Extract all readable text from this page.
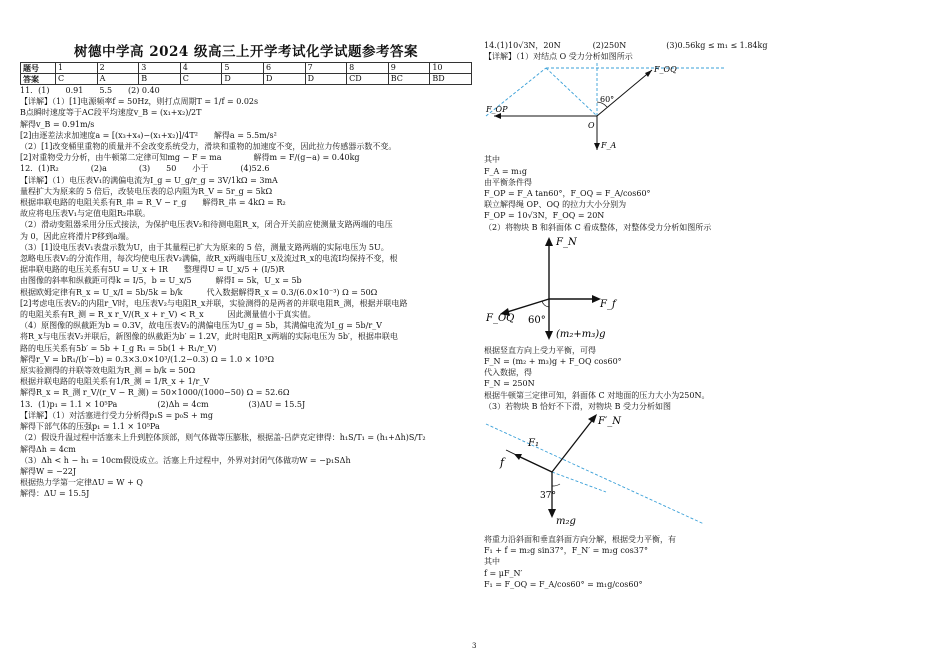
树德中学高 2024 级高三上开学考试化学试题参考答案
题号	1	2	3	4	5	6	7	8	9	10
答案	C	A	B	C	D	D	D	CD	BC	BD
11．(1)　　0.91　　5.5　　(2) 0.40
【详解】（1）[1]电源频率f = 50Hz，则打点周期T = 1/f = 0.02s
B点瞬时速度等于AC段平均速度v_B = (x₁+x₂)/2T
解得v_B = 0.91m/s
[2]由逐差法求加速度a = [(x₃+x₄)−(x₁+x₂)]/4T²　　解得a = 5.5m/s²
（2）[1]改变桶里重物的质量并不会改变系统受力，滑块和重物的加速度不变，因此拉力传感器示数不变。
[2]对重物受力分析，由牛顿第二定律可知mg − F = ma　　　　解得m = F/(g−a) = 0.40kg
12．(1)R₂　　　　(2)a　　　　(3)　　50　　小于　　　　(4)52.6
【详解】（1）电压表V₁的满偏电流为I_g = U_g/r_g = 3V/1kΩ = 3mA
量程扩大为原来的 5 倍后，改装电压表的总内阻为R_V = 5r_g = 5kΩ
根据串联电路的电阻关系有R_串 = R_V − r_g　　解得R_串 = 4kΩ = R₂
故应将电压表V₁与定值电阻R₂串联。
（2）滑动变阻器采用分压式接法，为保护电压表V₂和待测电阻R_x，闭合开关前应使测量支路两端的电压
为 0，因此应将滑片P移到a端。
（3）[1]设电压表V₁表盘示数为U，由于其量程已扩大为原来的 5 倍，测量支路两端的实际电压为 5U。
忽略电压表V₂的分流作用，每次均使电压表V₂满偏，故R_x两端电压U_x及流过R_x的电流I均保持不变，根
据串联电路的电压关系有5U = U_x + IR　　整理得U = U_x/5 + (I/5)R
由图像的斜率和纵截距可得k = I/5，b = U_x/5　　　解得I = 5k，U_x = 5b
根据欧姆定律有R_x = U_x/I = 5b/5k = b/k　　　代入数据解得R_x = 0.3/(6.0×10⁻³) Ω = 50Ω
[2]考虑电压表V₂的内阻r_V时，电压表V₂与电阻R_x并联，实验测得的是两者的并联电阻R_测，根据并联电路
的电阻关系有R_测 = R_x r_V/(R_x + r_V) < R_x　　　因此测量值小于真实值。
（4）原图像的纵截距为b = 0.3V，故电压表V₂的满偏电压为U_g = 5b，其满偏电流为I_g = 5b/r_V
将R_x与电压表V₂并联后，新图像的纵截距为b′ = 1.2V，此时电阻R_x两端的实际电压为 5b′，根据串联电
路的电压关系有5b′ = 5b + I_g R₁ = 5b(1 + R₁/r_V)
解得r_V = bR₁/(b′−b) = 0.3×3.0×10³/(1.2−0.3) Ω = 1.0 × 10³Ω
原实验测得的并联等效电阻为R_测 = b/k = 50Ω
根据并联电路的电阻关系有1/R_测 = 1/R_x + 1/r_V
解得R_x = R_测 r_V/(r_V − R_测) = 50×1000/(1000−50) Ω = 52.6Ω
13．(1)p₁ = 1.1 × 10⁵Pa　　　　　(2)Δh = 4cm　　　　　(3)ΔU = 15.5J
【详解】（1）对活塞进行受力分析得p₁S = p₀S + mg
解得下部气体的压强p₁ = 1.1 × 10⁵Pa
（2）假设升温过程中活塞未上升到腔体顶部，则气体做等压膨胀，根据盖-吕萨克定律得：h₁S/T₁ = (h₁+Δh)S/T₂
解得Δh = 4cm
（3）Δh < h − h₁ = 10cm假设成立。活塞上升过程中，外界对封闭气体做功W = −p₁SΔh
解得W = −22J
根据热力学第一定律ΔU = W + Q
解得：ΔU = 15.5J
14.(1)10√3N，20N　　　　(2)250N　　　　　(3)0.56kg ≤ m₁ ≤ 1.84kg
【详解】（1）对结点 O 受力分析如图所示
F_OQ
F_OP
60°
O
F_A
其中
F_A = m₁g
由平衡条件得
F_OP = F_A tan60°，F_OQ = F_A/cos60°
联立解得绳 OP、OQ 的拉力大小分别为
F_OP = 10√3N，F_OQ = 20N
（2）将物块 B 和斜面体 C 看成整体，对整体受力分析如图所示
F_N
F_f
F_OQ 60°
(m₂+m₃)g
根据竖直方向上受力平衡，可得
F_N = (m₂ + m₃)g + F_OQ cos60°
代入数据，得
F_N = 250N
根据牛顿第三定律可知，斜面体 C 对地面的压力大小为250N。
（3）若物块 B 恰好不下滑，对物块 B 受力分析如图
F′_N
F₁
f
37°
m₂g
将重力沿斜面和垂直斜面方向分解，根据受力平衡，有
F₁ + f = m₂g sin37°，F_N′ = m₂g cos37°
其中
f = μF_N′
F₁ = F_OQ = F_A/cos60° = m₁g/cos60°
3
